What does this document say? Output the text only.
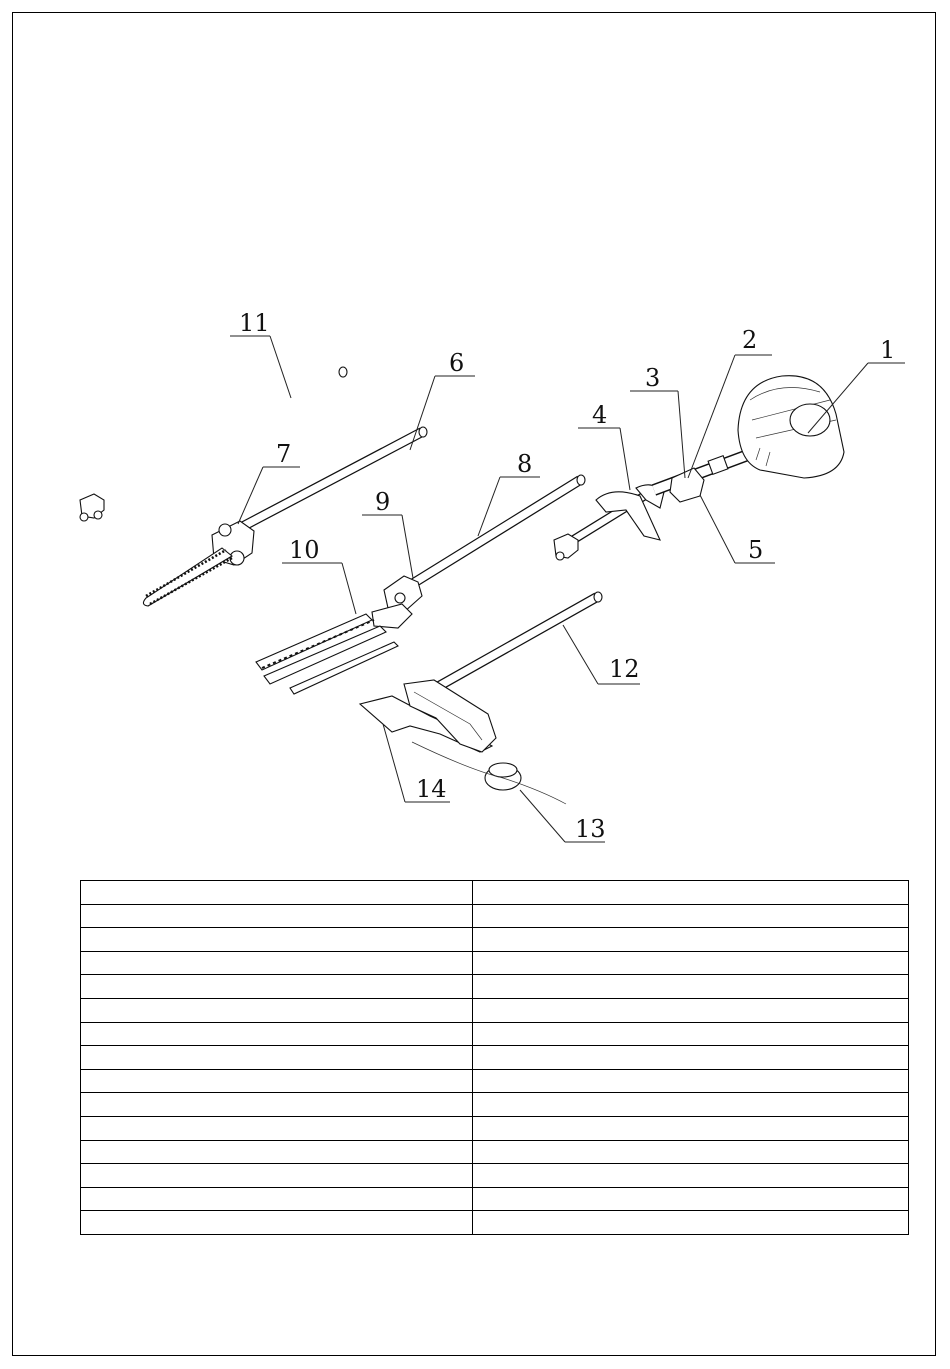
1
2
3
4
5
6
7	8
9
10
11
12
13
14
